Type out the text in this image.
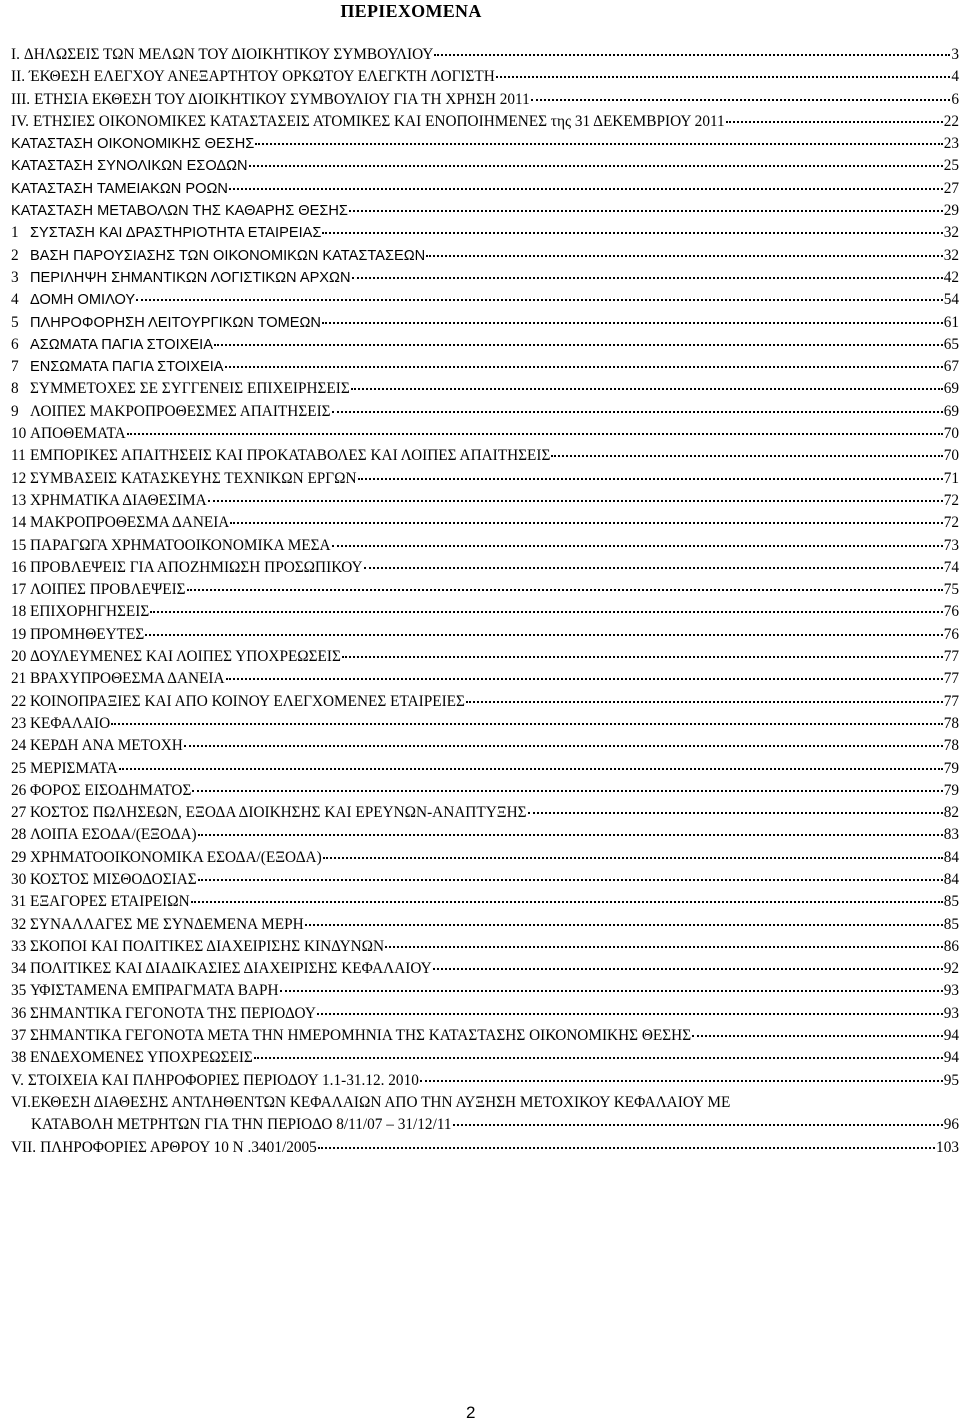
ΠΕΡΙΕΧΟΜΕΝΑ
I. ΔΗΛΩΣΕΙΣ ΤΩΝ ΜΕΛΩΝ ΤΟΥ ΔΙΟΙΚΗΤΙΚΟΥ ΣΥΜΒΟΥΛΙΟΥ	3
II. ΈΚΘΕΣΗ ΕΛΕΓΧΟΥ ΑΝΕΞΑΡΤΗΤΟΥ ΟΡΚΩΤΟΥ ΕΛΕΓΚΤΗ ΛΟΓΙΣΤΗ	4
III. ΕΤΗΣΙΑ ΕΚΘΕΣΗ ΤΟΥ ΔΙΟΙΚΗΤΙΚΟΥ ΣΥΜΒΟΥΛΙΟΥ ΓΙΑ ΤΗ ΧΡΗΣΗ 2011	6
IV. ΕΤΗΣΙΕΣ ΟΙΚΟΝΟΜΙΚΕΣ ΚΑΤΑΣΤΑΣΕΙΣ ΑΤΟΜΙΚΕΣ ΚΑΙ ΕΝΟΠΟΙΗΜΕΝΕΣ της 31 ΔΕΚΕΜΒΡΙΟΥ 2011	22
ΚΑΤΑΣΤΑΣΗ ΟΙΚΟΝΟΜΙΚΗΣ ΘΕΣΗΣ	23
ΚΑΤΑΣΤΑΣΗ ΣΥΝΟΛΙΚΩΝ ΕΣΟΔΩΝ	25
ΚΑΤΑΣΤΑΣΗ ΤΑΜΕΙΑΚΩΝ ΡΟΩΝ	27
ΚΑΤΑΣΤΑΣΗ ΜΕΤΑΒΟΛΩΝ ΤΗΣ ΚΑΘΑΡΗΣ ΘΕΣΗΣ	29
1 ΣΥΣΤΑΣΗ ΚΑΙ ΔΡΑΣΤΗΡΙΟΤΗΤΑ ΕΤΑΙΡΕΙΑΣ	32
2 ΒΑΣΗ ΠΑΡΟΥΣΙΑΣΗΣ ΤΩΝ ΟΙΚΟΝΟΜΙΚΩΝ ΚΑΤΑΣΤΑΣΕΩΝ	32
3 ΠΕΡΙΛΗΨΗ ΣΗΜΑΝΤΙΚΩΝ ΛΟΓΙΣΤΙΚΩΝ ΑΡΧΩΝ	42
4 ΔΟΜΗ ΟΜΙΛΟΥ	54
5 ΠΛΗΡΟΦΟΡΗΣΗ ΛΕΙΤΟΥΡΓΙΚΩΝ ΤΟΜΕΩΝ	61
6 ΑΣΩΜΑΤΑ ΠΑΓΙΑ ΣΤΟΙΧΕΙΑ	65
7 ΕΝΣΩΜΑΤΑ ΠΑΓΙΑ ΣΤΟΙΧΕΙΑ	67
8 ΣΥΜΜΕΤΟΧΕΣ ΣΕ ΣΥΓΓΕΝΕΙΣ ΕΠΙΧΕΙΡΗΣΕΙΣ	69
9 ΛΟΙΠΕΣ ΜΑΚΡΟΠΡΟΘΕΣΜΕΣ ΑΠΑΙΤΗΣΕΙΣ	69
10 ΑΠΟΘΕΜΑΤΑ	70
11 ΕΜΠΟΡΙΚΕΣ ΑΠΑΙΤΗΣΕΙΣ ΚΑΙ ΠΡΟΚΑΤΑΒΟΛΕΣ ΚΑΙ ΛΟΙΠΕΣ ΑΠΑΙΤΗΣΕΙΣ	70
12 ΣΥΜΒΑΣΕΙΣ ΚΑΤΑΣΚΕΥΗΣ ΤΕΧΝΙΚΩΝ ΕΡΓΩΝ	71
13 ΧΡΗΜΑΤΙΚΑ ΔΙΑΘΕΣΙΜΑ	72
14 ΜΑΚΡΟΠΡΟΘΕΣΜΑ ΔΑΝΕΙΑ	72
15 ΠΑΡΑΓΩΓΑ ΧΡΗΜΑΤΟΟΙΚΟΝΟΜΙΚΑ ΜΕΣΑ	73
16 ΠΡΟΒΛΕΨΕΙΣ ΓΙΑ ΑΠΟΖΗΜΙΩΣΗ ΠΡΟΣΩΠΙΚΟΥ	74
17 ΛΟΙΠΕΣ ΠΡΟΒΛΕΨΕΙΣ	75
18 ΕΠΙΧΟΡΗΓΗΣΕΙΣ	76
19 ΠΡΟΜΗΘΕΥΤΕΣ	76
20 ΔΟΥΛΕΥΜΕΝΕΣ ΚΑΙ ΛΟΙΠΕΣ ΥΠΟΧΡΕΩΣΕΙΣ	77
21 ΒΡΑΧΥΠΡΟΘΕΣΜΑ ΔΑΝΕΙΑ	77
22 ΚΟΙΝΟΠΡΑΞΙΕΣ ΚΑΙ ΑΠΟ ΚΟΙΝΟΥ ΕΛΕΓΧΟΜΕΝΕΣ ΕΤΑΙΡΕΙΕΣ	77
23 ΚΕΦΑΛΑΙΟ	78
24 ΚΕΡΔΗ ΑΝΑ ΜΕΤΟΧΗ	78
25 ΜΕΡΙΣΜΑΤΑ	79
26 ΦΟΡΟΣ ΕΙΣΟΔΗΜΑΤΟΣ	79
27 ΚΟΣΤΟΣ ΠΩΛΗΣΕΩΝ, ΕΞΟΔΑ ΔΙΟΙΚΗΣΗΣ ΚΑΙ ΕΡΕΥΝΩΝ-ΑΝΑΠΤΥΞΗΣ	82
28 ΛΟΙΠΑ ΕΣΟΔΑ/(ΕΞΟΔΑ)	83
29 ΧΡΗΜΑΤΟΟΙΚΟΝΟΜΙΚΑ ΕΣΟΔΑ/(ΕΞΟΔΑ)	84
30 ΚΟΣΤΟΣ ΜΙΣΘΟΔΟΣΙΑΣ	84
31 ΕΞΑΓΟΡΕΣ ΕΤΑΙΡΕΙΩΝ	85
32 ΣΥΝΑΛΛΑΓΕΣ ΜΕ ΣΥΝΔΕΜΕΝΑ ΜΕΡΗ	85
33 ΣΚΟΠΟΙ ΚΑΙ ΠΟΛΙΤΙΚΕΣ ΔΙΑΧΕΙΡΙΣΗΣ ΚΙΝΔΥΝΩΝ	86
34 ΠΟΛΙΤΙΚΕΣ ΚΑΙ ΔΙΑΔΙΚΑΣΙΕΣ ΔΙΑΧΕΙΡΙΣΗΣ ΚΕΦΑΛΑΙΟΥ	92
35 ΥΦΙΣΤΑΜΕΝΑ ΕΜΠΡΑΓΜΑΤΑ ΒΑΡΗ	93
36 ΣΗΜΑΝΤΙΚΑ ΓΕΓΟΝΟΤΑ ΤΗΣ ΠΕΡΙΟΔΟΥ	93
37 ΣΗΜΑΝΤΙΚΑ ΓΕΓΟΝΟΤΑ ΜΕΤΑ ΤΗΝ ΗΜΕΡΟΜΗΝΙΑ ΤΗΣ ΚΑΤΑΣΤΑΣΗΣ ΟΙΚΟΝΟΜΙΚΗΣ ΘΕΣΗΣ	94
38 ΕΝΔΕΧΟΜΕΝΕΣ ΥΠΟΧΡΕΩΣΕΙΣ	94
V. ΣΤΟΙΧΕΙΑ ΚΑΙ ΠΛΗΡΟΦΟΡΙΕΣ ΠΕΡΙΟΔΟΥ 1.1-31.12. 2010	95
VI.ΕΚΘΕΣΗ ΔΙΑΘΕΣΗΣ ΑΝΤΛΗΘΕΝΤΩΝ ΚΕΦΑΛΑΙΩΝ ΑΠΟ ΤΗΝ ΑΥΞΗΣΗ ΜΕΤΟΧΙΚΟΥ ΚΕΦΑΛΑΙΟΥ ΜΕ
ΚΑΤΑΒΟΛΗ ΜΕΤΡΗΤΩΝ ΓΙΑ ΤΗΝ ΠΕΡΙΟΔΟ 8/11/07 – 31/12/11	96
VII. ΠΛΗΡΟΦΟΡΙΕΣ ΑΡΘΡΟΥ 10 Ν .3401/2005	103
2
